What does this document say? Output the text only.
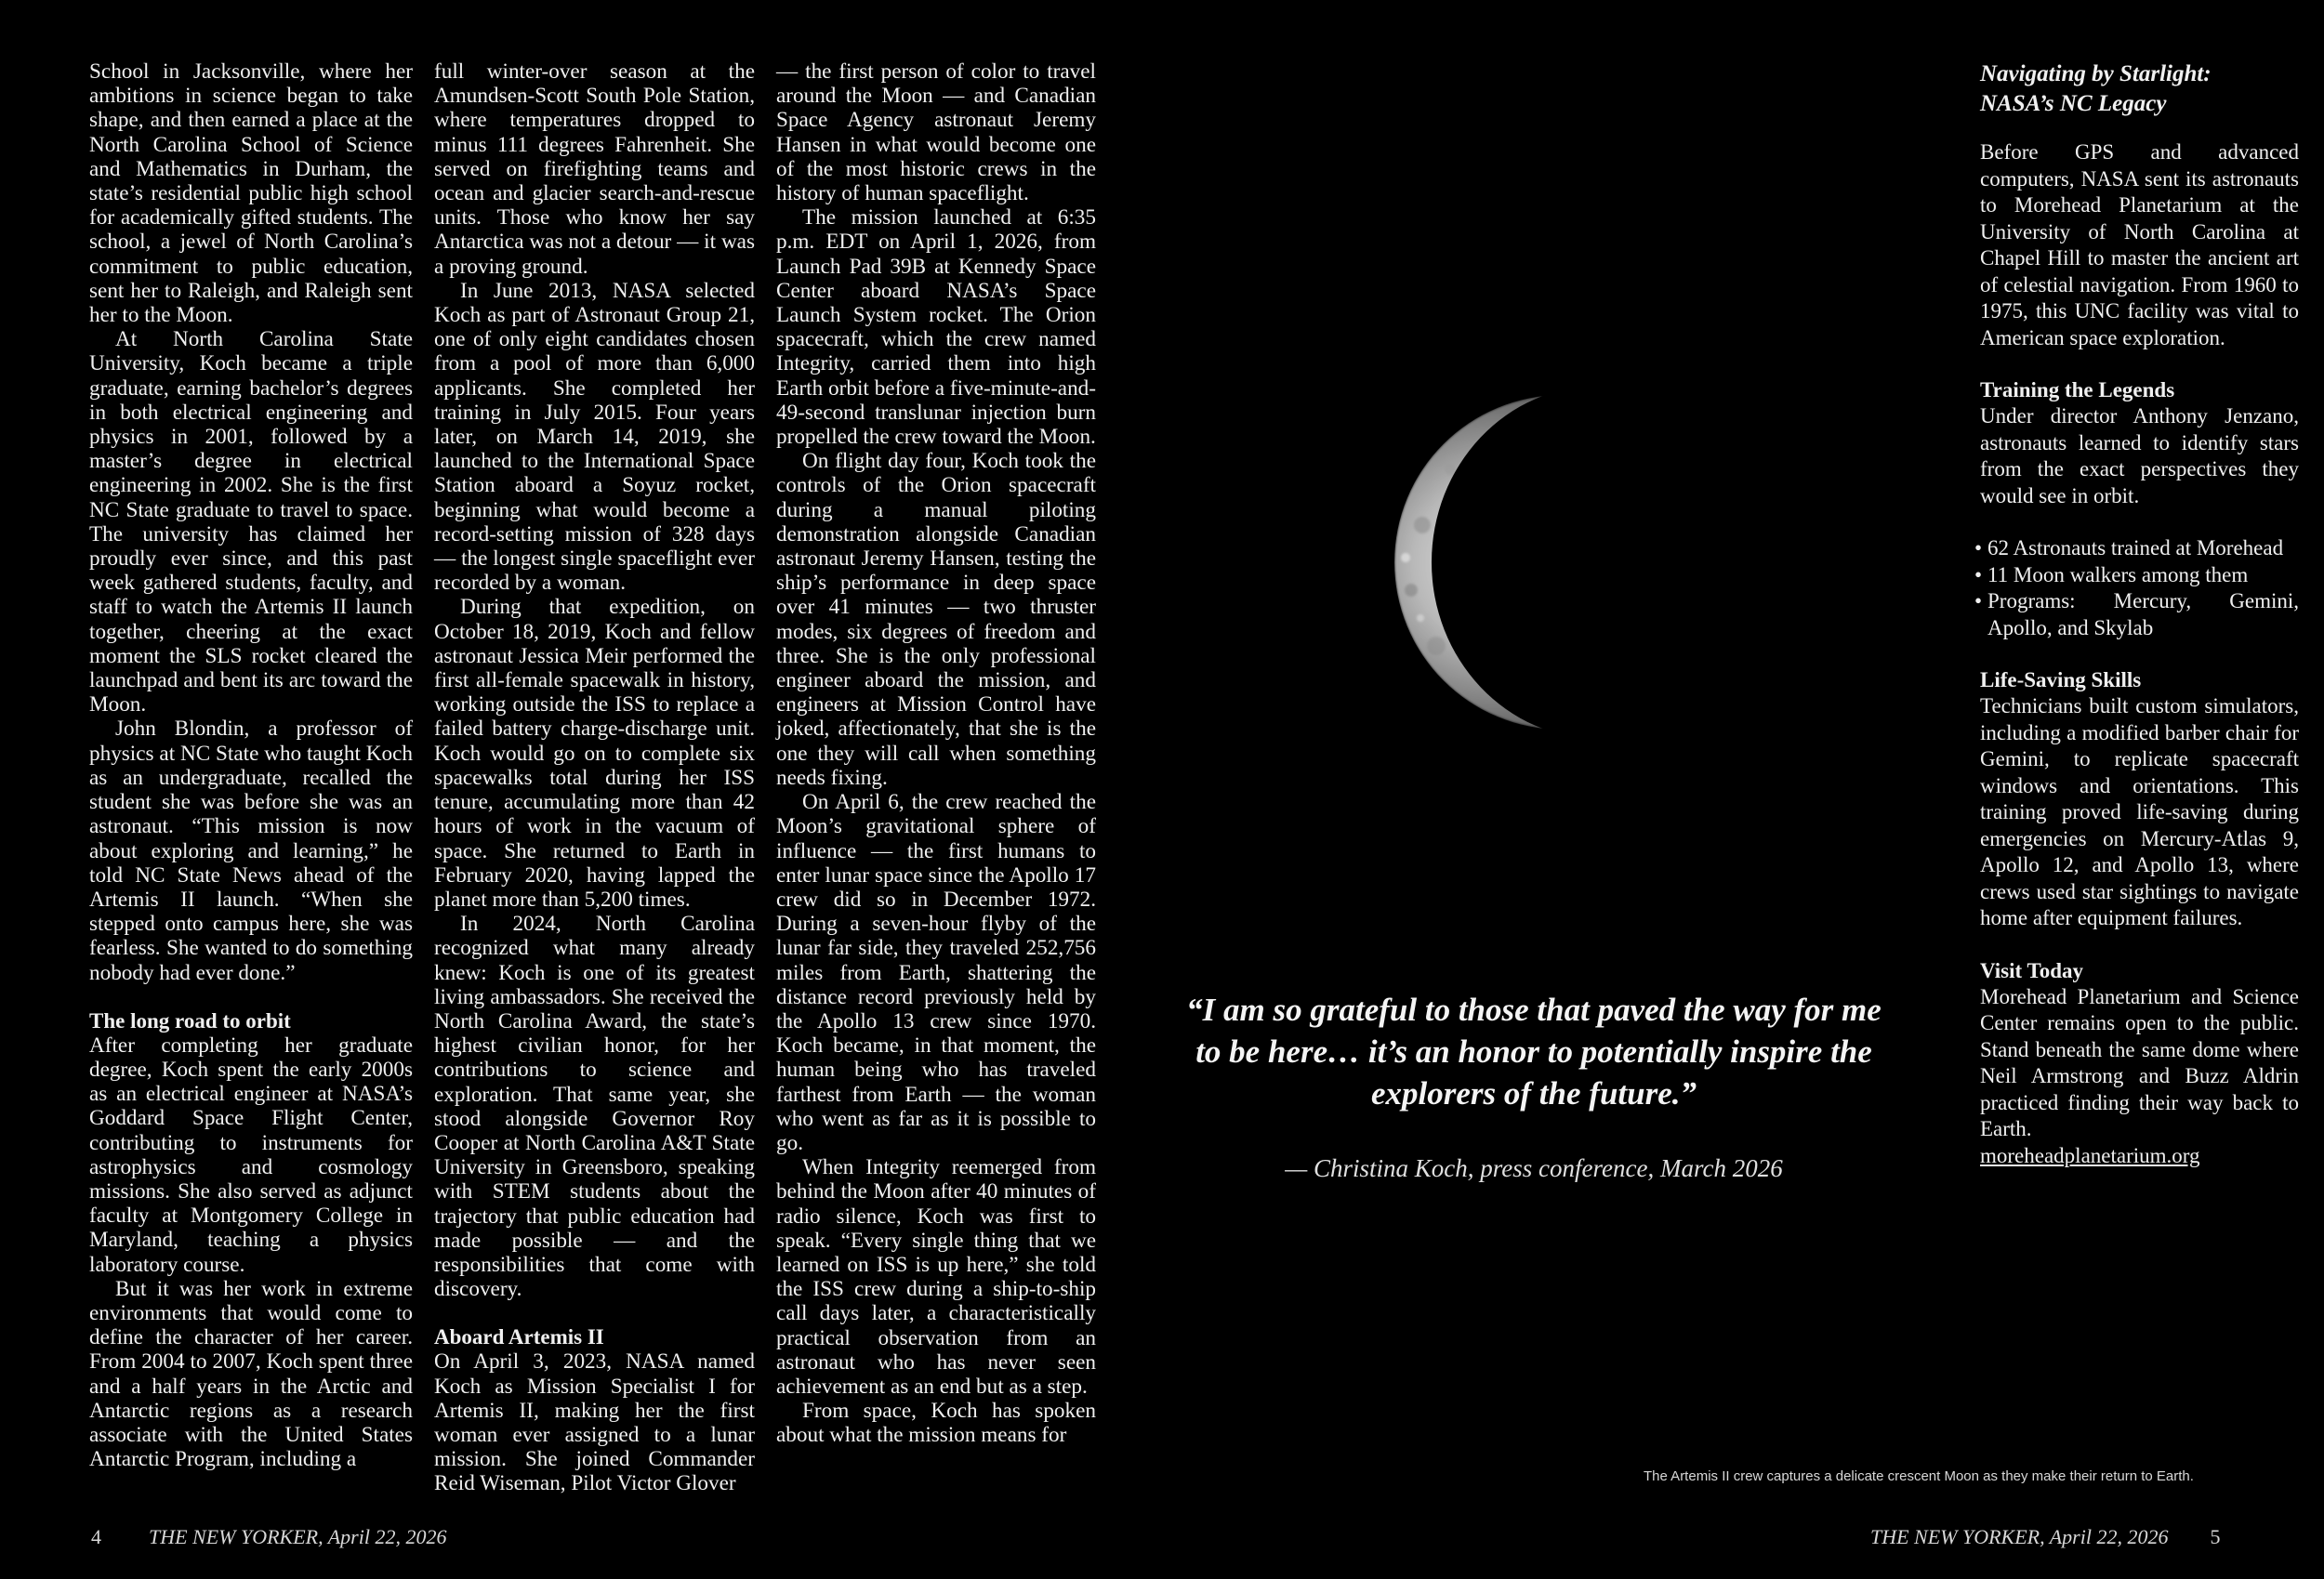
School in Jacksonville, where her ambitions in science began to take shape, and then earned a place at the North Carolina School of Science and Mathematics in Durham, the state’s residential public high school for academically gifted students. The school, a jewel of North Carolina’s commitment to public education, sent her to Raleigh, and Raleigh sent her to the Moon.

At North Carolina State University, Koch became a triple graduate, earning bachelor’s degrees in both electrical engineering and physics in 2001, followed by a master’s degree in electrical engineering in 2002. She is the first NC State graduate to travel to space. The university has claimed her proudly ever since, and this past week gathered students, faculty, and staff to watch the Artemis II launch together, cheering at the exact moment the SLS rocket cleared the launchpad and bent its arc toward the Moon.

John Blondin, a professor of physics at NC State who taught Koch as an undergraduate, recalled the student she was before she was an astronaut. “This mission is now about exploring and learning,” he told NC State News ahead of the Artemis II launch. “When she stepped onto campus here, she was fearless. She wanted to do something nobody had ever done.”

The long road to orbit

After completing her graduate degree, Koch spent the early 2000s as an electrical engineer at NASA’s Goddard Space Flight Center, contributing to instruments for astrophysics and cosmology missions. She also served as adjunct faculty at Montgomery College in Maryland, teaching a physics laboratory course.

But it was her work in extreme environments that would come to define the character of her career. From 2004 to 2007, Koch spent three and a half years in the Arctic and Antarctic regions as a research associate with the United States Antarctic Program, including a

full winter-over season at the Amundsen-Scott South Pole Station, where temperatures dropped to minus 111 degrees Fahrenheit. She served on firefighting teams and ocean and glacier search-and-rescue units. Those who know her say Antarctica was not a detour — it was a proving ground.

In June 2013, NASA selected Koch as part of Astronaut Group 21, one of only eight candidates chosen from a pool of more than 6,000 applicants. She completed her training in July 2015. Four years later, on March 14, 2019, she launched to the International Space Station aboard a Soyuz rocket, beginning what would become a record-setting mission of 328 days — the longest single spaceflight ever recorded by a woman.

During that expedition, on October 18, 2019, Koch and fellow astronaut Jessica Meir performed the first all-female spacewalk in history, working outside the ISS to replace a failed battery charge-discharge unit. Koch would go on to complete six spacewalks total during her ISS tenure, accumulating more than 42 hours of work in the vacuum of space. She returned to Earth in February 2020, having lapped the planet more than 5,200 times.

In 2024, North Carolina recognized what many already knew: Koch is one of its greatest living ambassadors. She received the North Carolina Award, the state’s highest civilian honor, for her contributions to science and exploration. That same year, she stood alongside Governor Roy Cooper at North Carolina A&T State University in Greensboro, speaking with STEM students about the trajectory that public education had made possible — and the responsibilities that come with discovery.

Aboard Artemis II

On April 3, 2023, NASA named Koch as Mission Specialist I for Artemis II, making her the first woman ever assigned to a lunar mission. She joined Commander Reid Wiseman, Pilot Victor Glover

— the first person of color to travel around the Moon — and Canadian Space Agency astronaut Jeremy Hansen in what would become one of the most historic crews in the history of human spaceflight.

The mission launched at 6:35 p.m. EDT on April 1, 2026, from Launch Pad 39B at Kennedy Space Center aboard NASA’s Space Launch System rocket. The Orion spacecraft, which the crew named Integrity, carried them into high Earth orbit before a five-minute-and-49-second translunar injection burn propelled the crew toward the Moon.

On flight day four, Koch took the controls of the Orion spacecraft during a manual piloting demonstration alongside Canadian astronaut Jeremy Hansen, testing the ship’s performance in deep space over 41 minutes — two thruster modes, six degrees of freedom and three. She is the only professional engineer aboard the mission, and engineers at Mission Control have joked, affectionately, that she is the one they will call when something needs fixing.

On April 6, the crew reached the Moon’s gravitational sphere of influence — the first humans to enter lunar space since the Apollo 17 crew did so in December 1972. During a seven-hour flyby of the lunar far side, they traveled 252,756 miles from Earth, shattering the distance record previously held by the Apollo 13 crew since 1970. Koch became, in that moment, the human being who has traveled farthest from Earth — the woman who went as far as it is possible to go.

When Integrity reemerged from behind the Moon after 40 minutes of radio silence, Koch was first to speak. “Every single thing that we learned on ISS is up here,” she told the ISS crew during a ship-to-ship call days later, a characteristically practical observation from an astronaut who has never seen achievement as an end but as a step.

From space, Koch has spoken about what the mission means for

4 THE NEW YORKER, April 22, 2026
“I am so grateful to those that paved the way for me to be here… it’s an honor to potentially inspire the explorers of the future.”
— Christina Koch, press conference, March 2026
The Artemis II crew captures a delicate crescent Moon as they make their return to Earth.
Navigating by Starlight:
NASA’s NC Legacy

Before GPS and advanced computers, NASA sent its astronauts to Morehead Planetarium at the University of North Carolina at Chapel Hill to master the ancient art of celestial navigation. From 1960 to 1975, this UNC facility was vital to American space exploration.

Training the Legends

Under director Anthony Jenzano, astronauts learned to identify stars from the exact perspectives they would see in orbit.

• 62 Astronauts trained at Morehead
• 11 Moon walkers among them
• Programs: Mercury, Gemini, Apollo, and Skylab
Life-Saving Skills

Technicians built custom simulators, including a modified barber chair for Gemini, to replicate spacecraft windows and orientations. This training proved life-saving during emergencies on Mercury-Atlas 9, Apollo 12, and Apollo 13, where crews used star sightings to navigate home after equipment failures.

Visit Today

Morehead Planetarium and Science Center remains open to the public. Stand beneath the same dome where Neil Armstrong and Buzz Aldrin practiced finding their way back to Earth.

moreheadplanetarium.org
THE NEW YORKER, April 22, 2026 5
